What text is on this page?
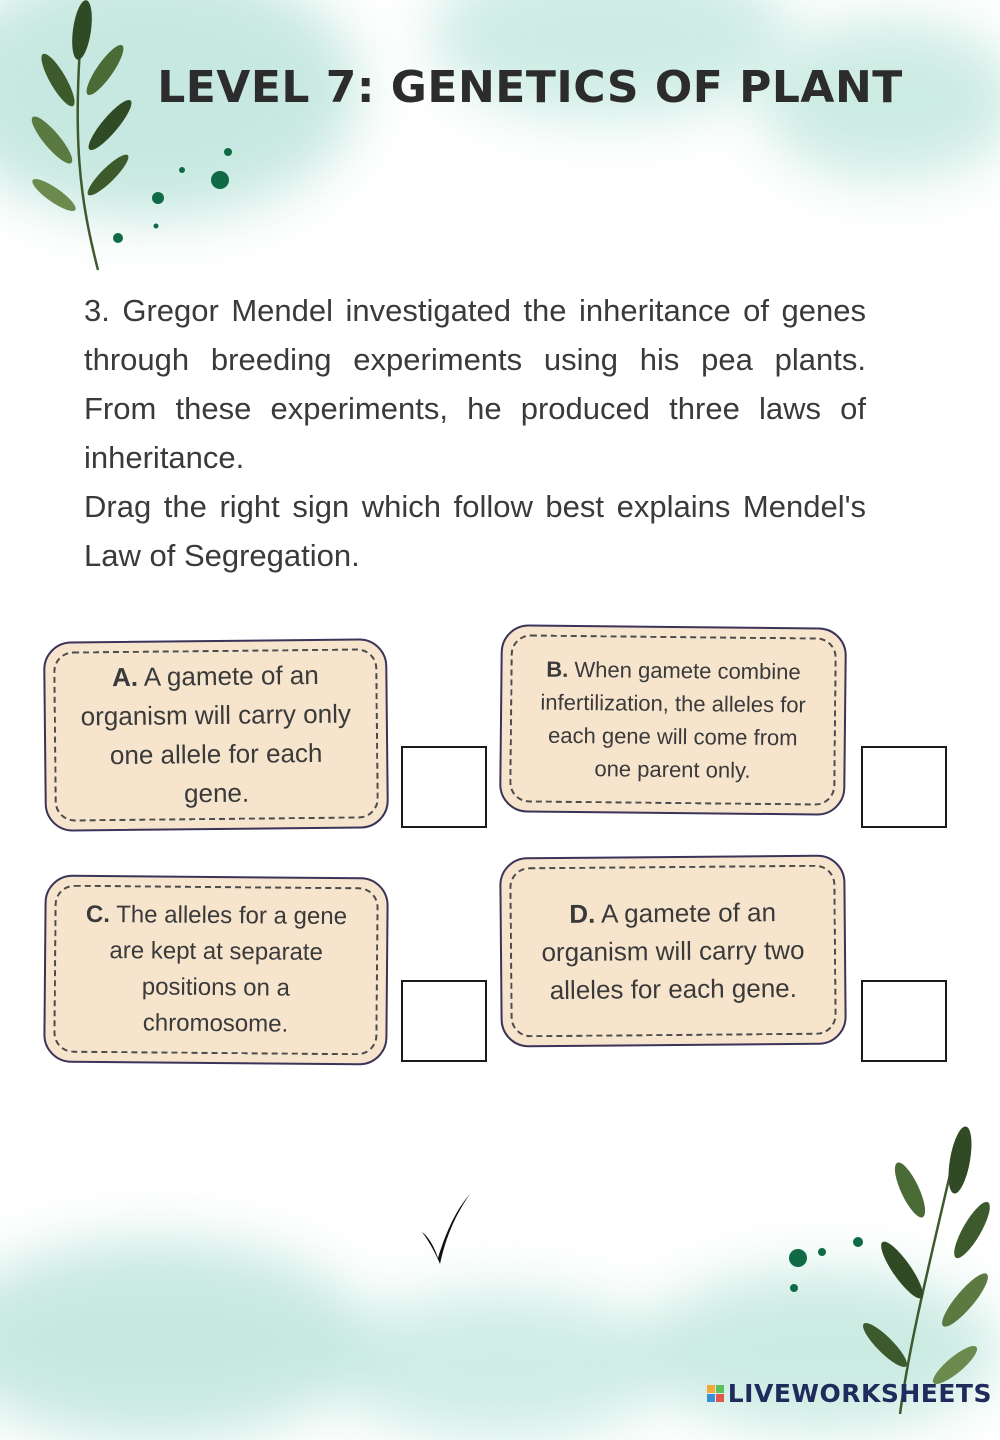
LEVEL 7: GENETICS OF PLANT

3. Gregor Mendel investigated the inheritance of genes through breeding experiments using his pea plants. From these experiments, he produced three laws of inheritance.

Drag the right sign which follow best explains Mendel's Law of Segregation.

A. A gamete of an organism will carry only one allele for each gene.

B. When gamete combine infertilization, the alleles for each gene will come from one parent only.

C. The alleles for a gene are kept at separate positions on a chromosome.

D. A gamete of an organism will carry two alleles for each gene.

LIVEWORKSHEETS
